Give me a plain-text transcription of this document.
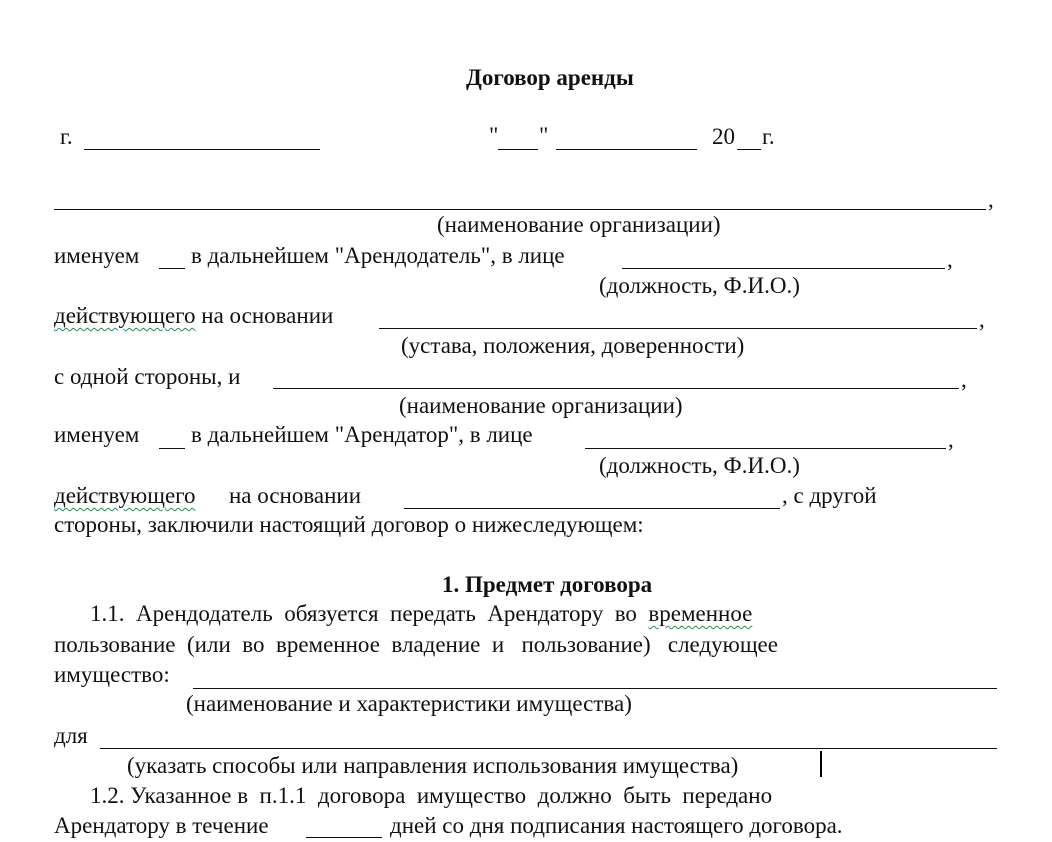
Договор аренды
г.	" "	20 г.
,
(наименование организации)
именуем в дальнейшем "Арендодатель", в лице	,
(должность, Ф.И.О.)
действующего на основании	,
(устава, положения, доверенности)
с одной стороны, и	,
(наименование организации)
именуем в дальнейшем "Арендатор", в лице	,
(должность, Ф.И.О.)
действующего на основании	, с другой
стороны, заключили настоящий договор о нижеследующем:
1. Предмет договора
1.1.  Арендодатель  обязуется  передать  Арендатору  во  временное
пользование  (или  во  временное  владение  и   пользование)   следующее
имущество:
(наименование и характеристики имущества)
для
(указать способы или направления использования имущества)
1.2. Указанное в  п.1.1  договора  имущество  должно  быть  передано
Арендатору в течение	дней со дня подписания настоящего договора.
